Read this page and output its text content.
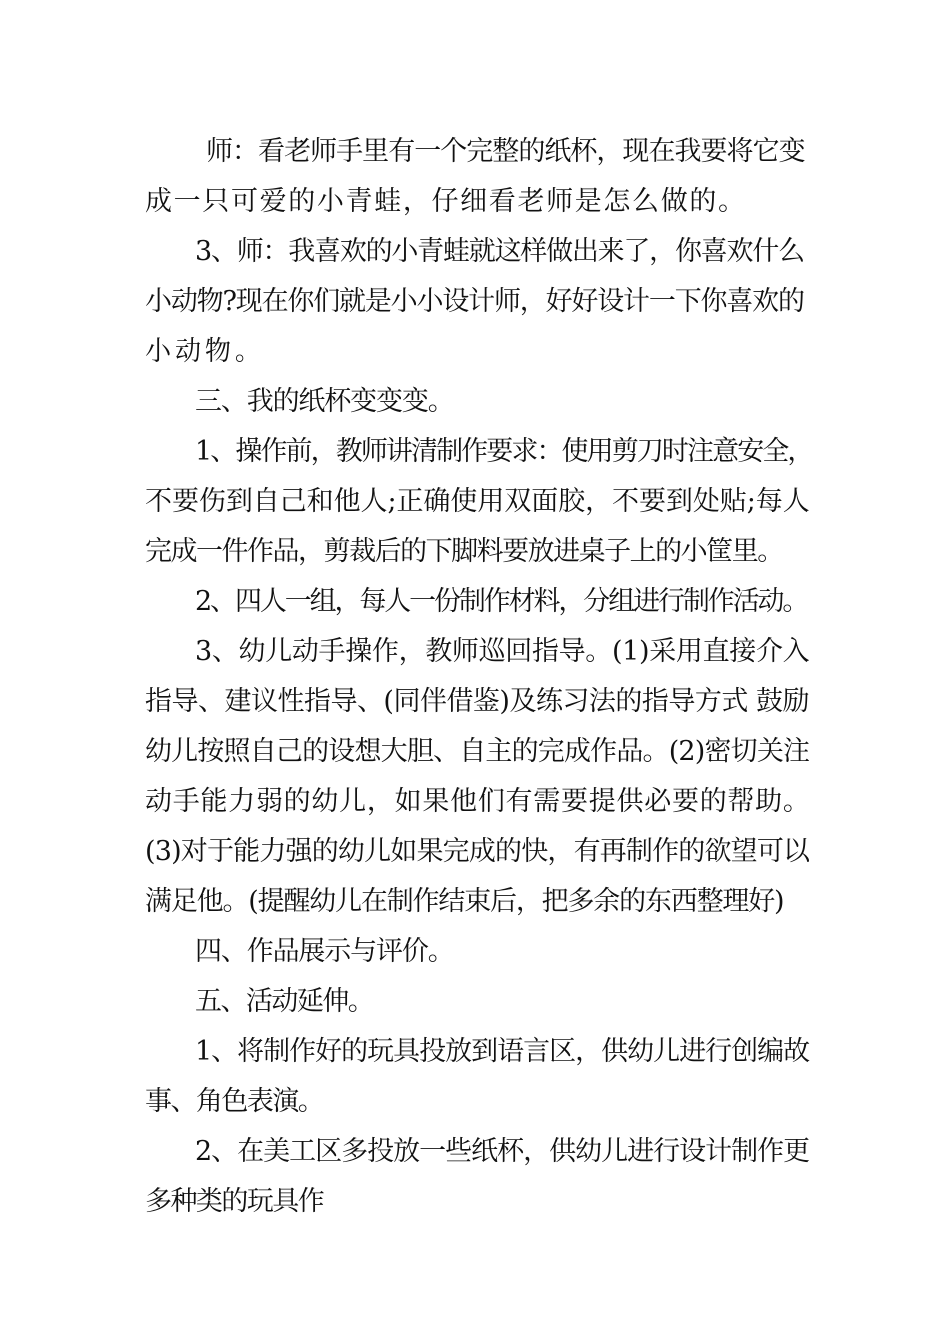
师：看老师手里有一个完整的纸杯，现在我要将它变
成一只可爱的小青蛙，仔细看老师是怎么做的。
3、师：我喜欢的小青蛙就这样做出来了，你喜欢什么
小动物?现在你们就是小小设计师，好好设计一下你喜欢的
小动物。
三、我的纸杯变变变。
1、操作前，教师讲清制作要求：使用剪刀时注意安全，
不要伤到自己和他人;正确使用双面胶，不要到处贴;每人
完成一件作品，剪裁后的下脚料要放进桌子上的小筐里。
2、四人一组，每人一份制作材料，分组进行制作活动。
3、幼儿动手操作，教师巡回指导。(1)采用直接介入
指导、建议性指导、(同伴借鉴)及练习法的指导方式 鼓励
幼儿按照自己的设想大胆、自主的完成作品。(2)密切关注
动手能力弱的幼儿，如果他们有需要提供必要的帮助。
(3)对于能力强的幼儿如果完成的快，有再制作的欲望可以
满足他。(提醒幼儿在制作结束后，把多余的东西整理好)
四、作品展示与评价。
五、活动延伸。
1、将制作好的玩具投放到语言区，供幼儿进行创编故
事、角色表演。
2、在美工区多投放一些纸杯，供幼儿进行设计制作更
多种类的玩具作
